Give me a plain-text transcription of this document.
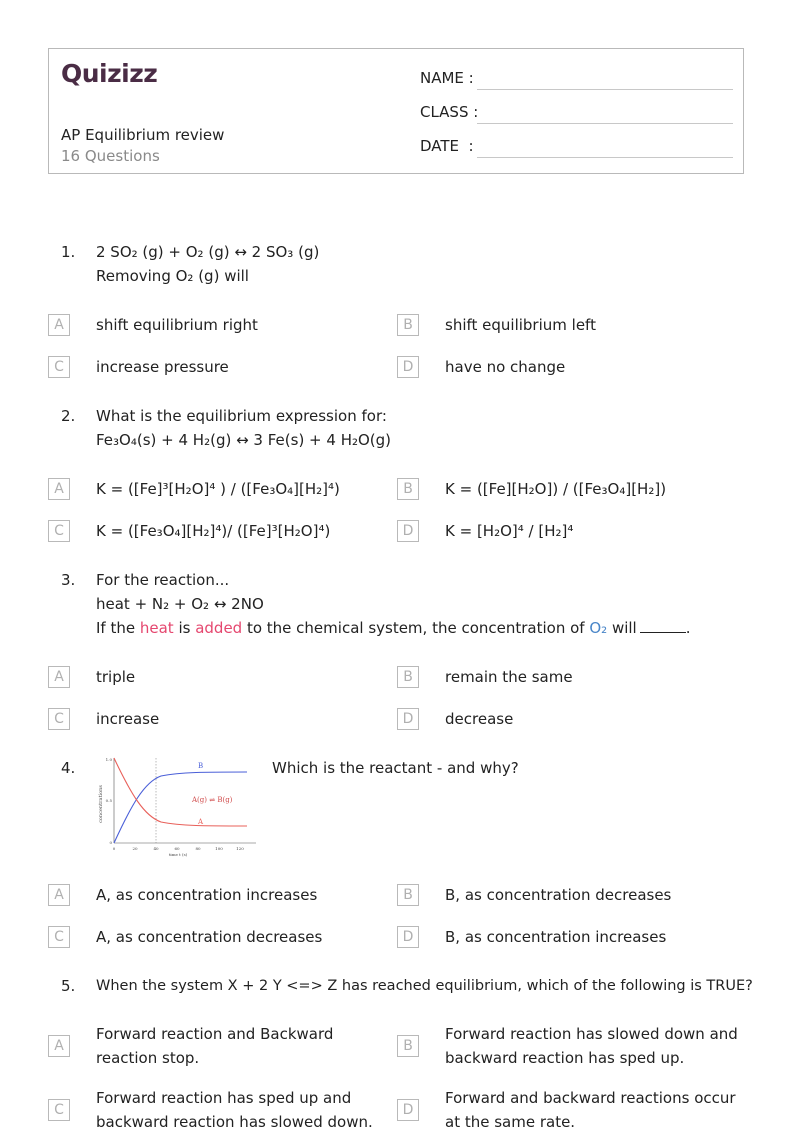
Quizizz
AP Equilibrium review
16 Questions
NAME :
CLASS :
DATE  :
1.	2 SO₂ (g) + O₂ (g) ↔ 2 SO₃ (g)
Removing O₂ (g) will
A	shift equilibrium right	B	shift equilibrium left
C	increase pressure	D	have no change
2.	What is the equilibrium expression for:
Fe₃O₄(s) + 4 H₂(g) ↔ 3 Fe(s) + 4 H₂O(g)
A	K = ([Fe]³[H₂O]⁴ ) / ([Fe₃O₄][H₂]⁴)	B	K = ([Fe][H₂O]) / ([Fe₃O₄][H₂])
C	K = ([Fe₃O₄][H₂]⁴)/ ([Fe]³[H₂O]⁴)	D	K = [H₂O]⁴ / [H₂]⁴
3.	For the reaction...
heat + N₂ + O₂ ↔ 2NO
If the heat is added to the chemical system, the concentration of O₂ will	.
A	triple	B	remain the same
C	increase	D	decrease
4.
concentrations
1.0
0.5
0
B
A
A(g) ⇌ B(g)
0	20	40	60	80	100	120
time t (s)
Which is the reactant - and why?
A	A, as concentration increases	B	B, as concentration decreases
C	A, as concentration decreases	D	B, as concentration increases
5.	When the system X + 2 Y <=> Z has reached equilibrium, which of the following is TRUE?
A
Forward reaction and Backward reaction stop.
B
Forward reaction has slowed down and backward reaction has sped up.
C
Forward reaction has sped up and backward reaction has slowed down.
D
Forward and backward reactions occur at the same rate.
